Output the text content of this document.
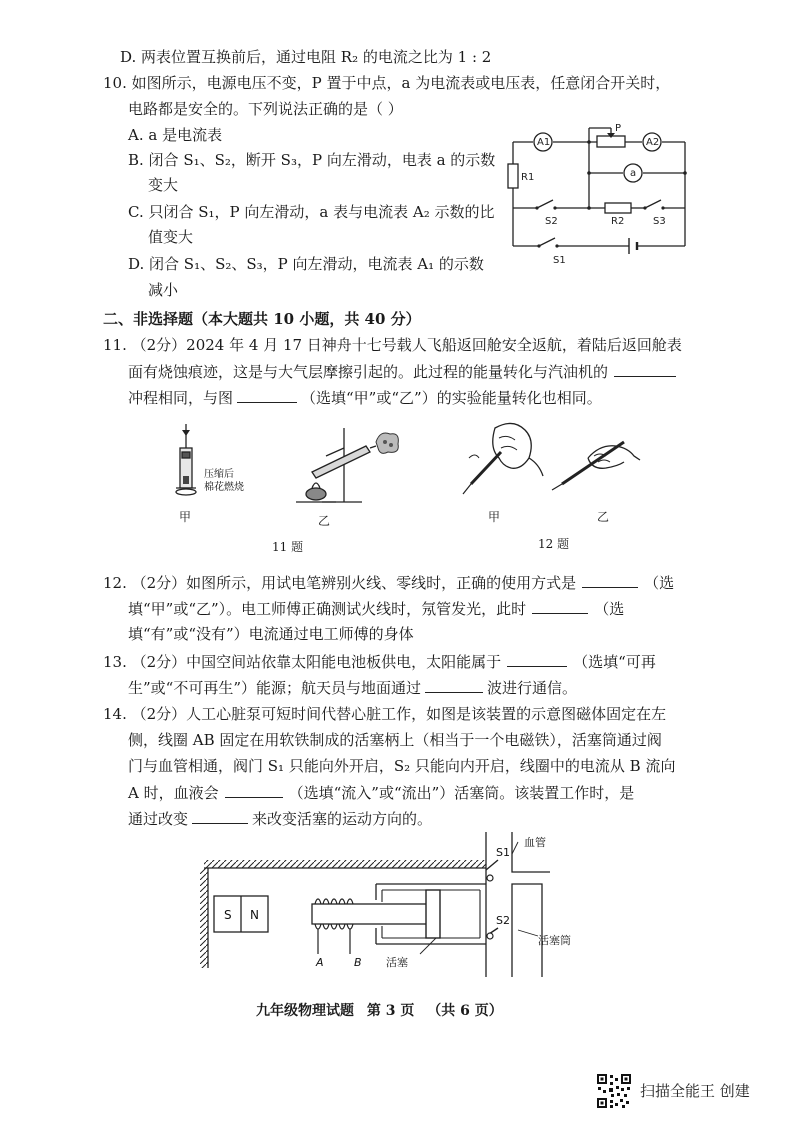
D. 两表位置互换前后，通过电阻 R₂ 的电流之比为 1 : 2
10. 如图所示，电源电压不变，P 置于中点，a 为电流表或电压表，任意闭合开关时，
电路都是安全的。下列说法正确的是（ ）
A. a 是电流表
B. 闭合 S₁、S₂，断开 S₃，P 向左滑动，电表 a 的示数
变大
C. 只闭合 S₁，P 向左滑动，a 表与电流表 A₂ 示数的比
值变大
D. 闭合 S₁、S₂、S₃，P 向左滑动，电流表 A₁ 的示数
减小
A1	A2
P
a
R1
R2
S2	S3
S1
二、非选择题（本大题共 10 小题，共 40 分）
11. （2分）2024 年 4 月 17 日神舟十七号载人飞船返回舱安全返航，着陆后返回舱表
面有烧蚀痕迹，这是与大气层摩擦引起的。此过程的能量转化与汽油机的
冲程相同，与图	（选填“甲”或“乙”）的实验能量转化也相同。
压缩后
棉花燃烧
甲	乙
11 题
甲	乙
12 题
12. （2分）如图所示，用试电笔辨别火线、零线时，正确的使用方式是	（选
填“甲”或“乙”）。电工师傅正确测试火线时，氖管发光，此时	（选
填“有”或“没有”）电流通过电工师傅的身体
13. （2分）中国空间站依靠太阳能电池板供电，太阳能属于	（选填“可再
生”或“不可再生”）能源；航天员与地面通过	波进行通信。
14. （2分）人工心脏泵可短时间代替心脏工作，如图是该装置的示意图磁体固定在左
侧，线圈 AB 固定在用软铁制成的活塞柄上（相当于一个电磁铁），活塞筒通过阀
门与血管相通，阀门 S₁ 只能向外开启，S₂ 只能向内开启，线圈中的电流从 B 流向
A 时，血液会	（选填“流入”或“流出”）活塞筒。该装置工作时，是
通过改变	来改变活塞的运动方向的。
S N
S1
S2
血管
活塞筒
活塞
A	B
九年级物理试题 第 3 页 （共 6 页）
扫描全能王 创建
